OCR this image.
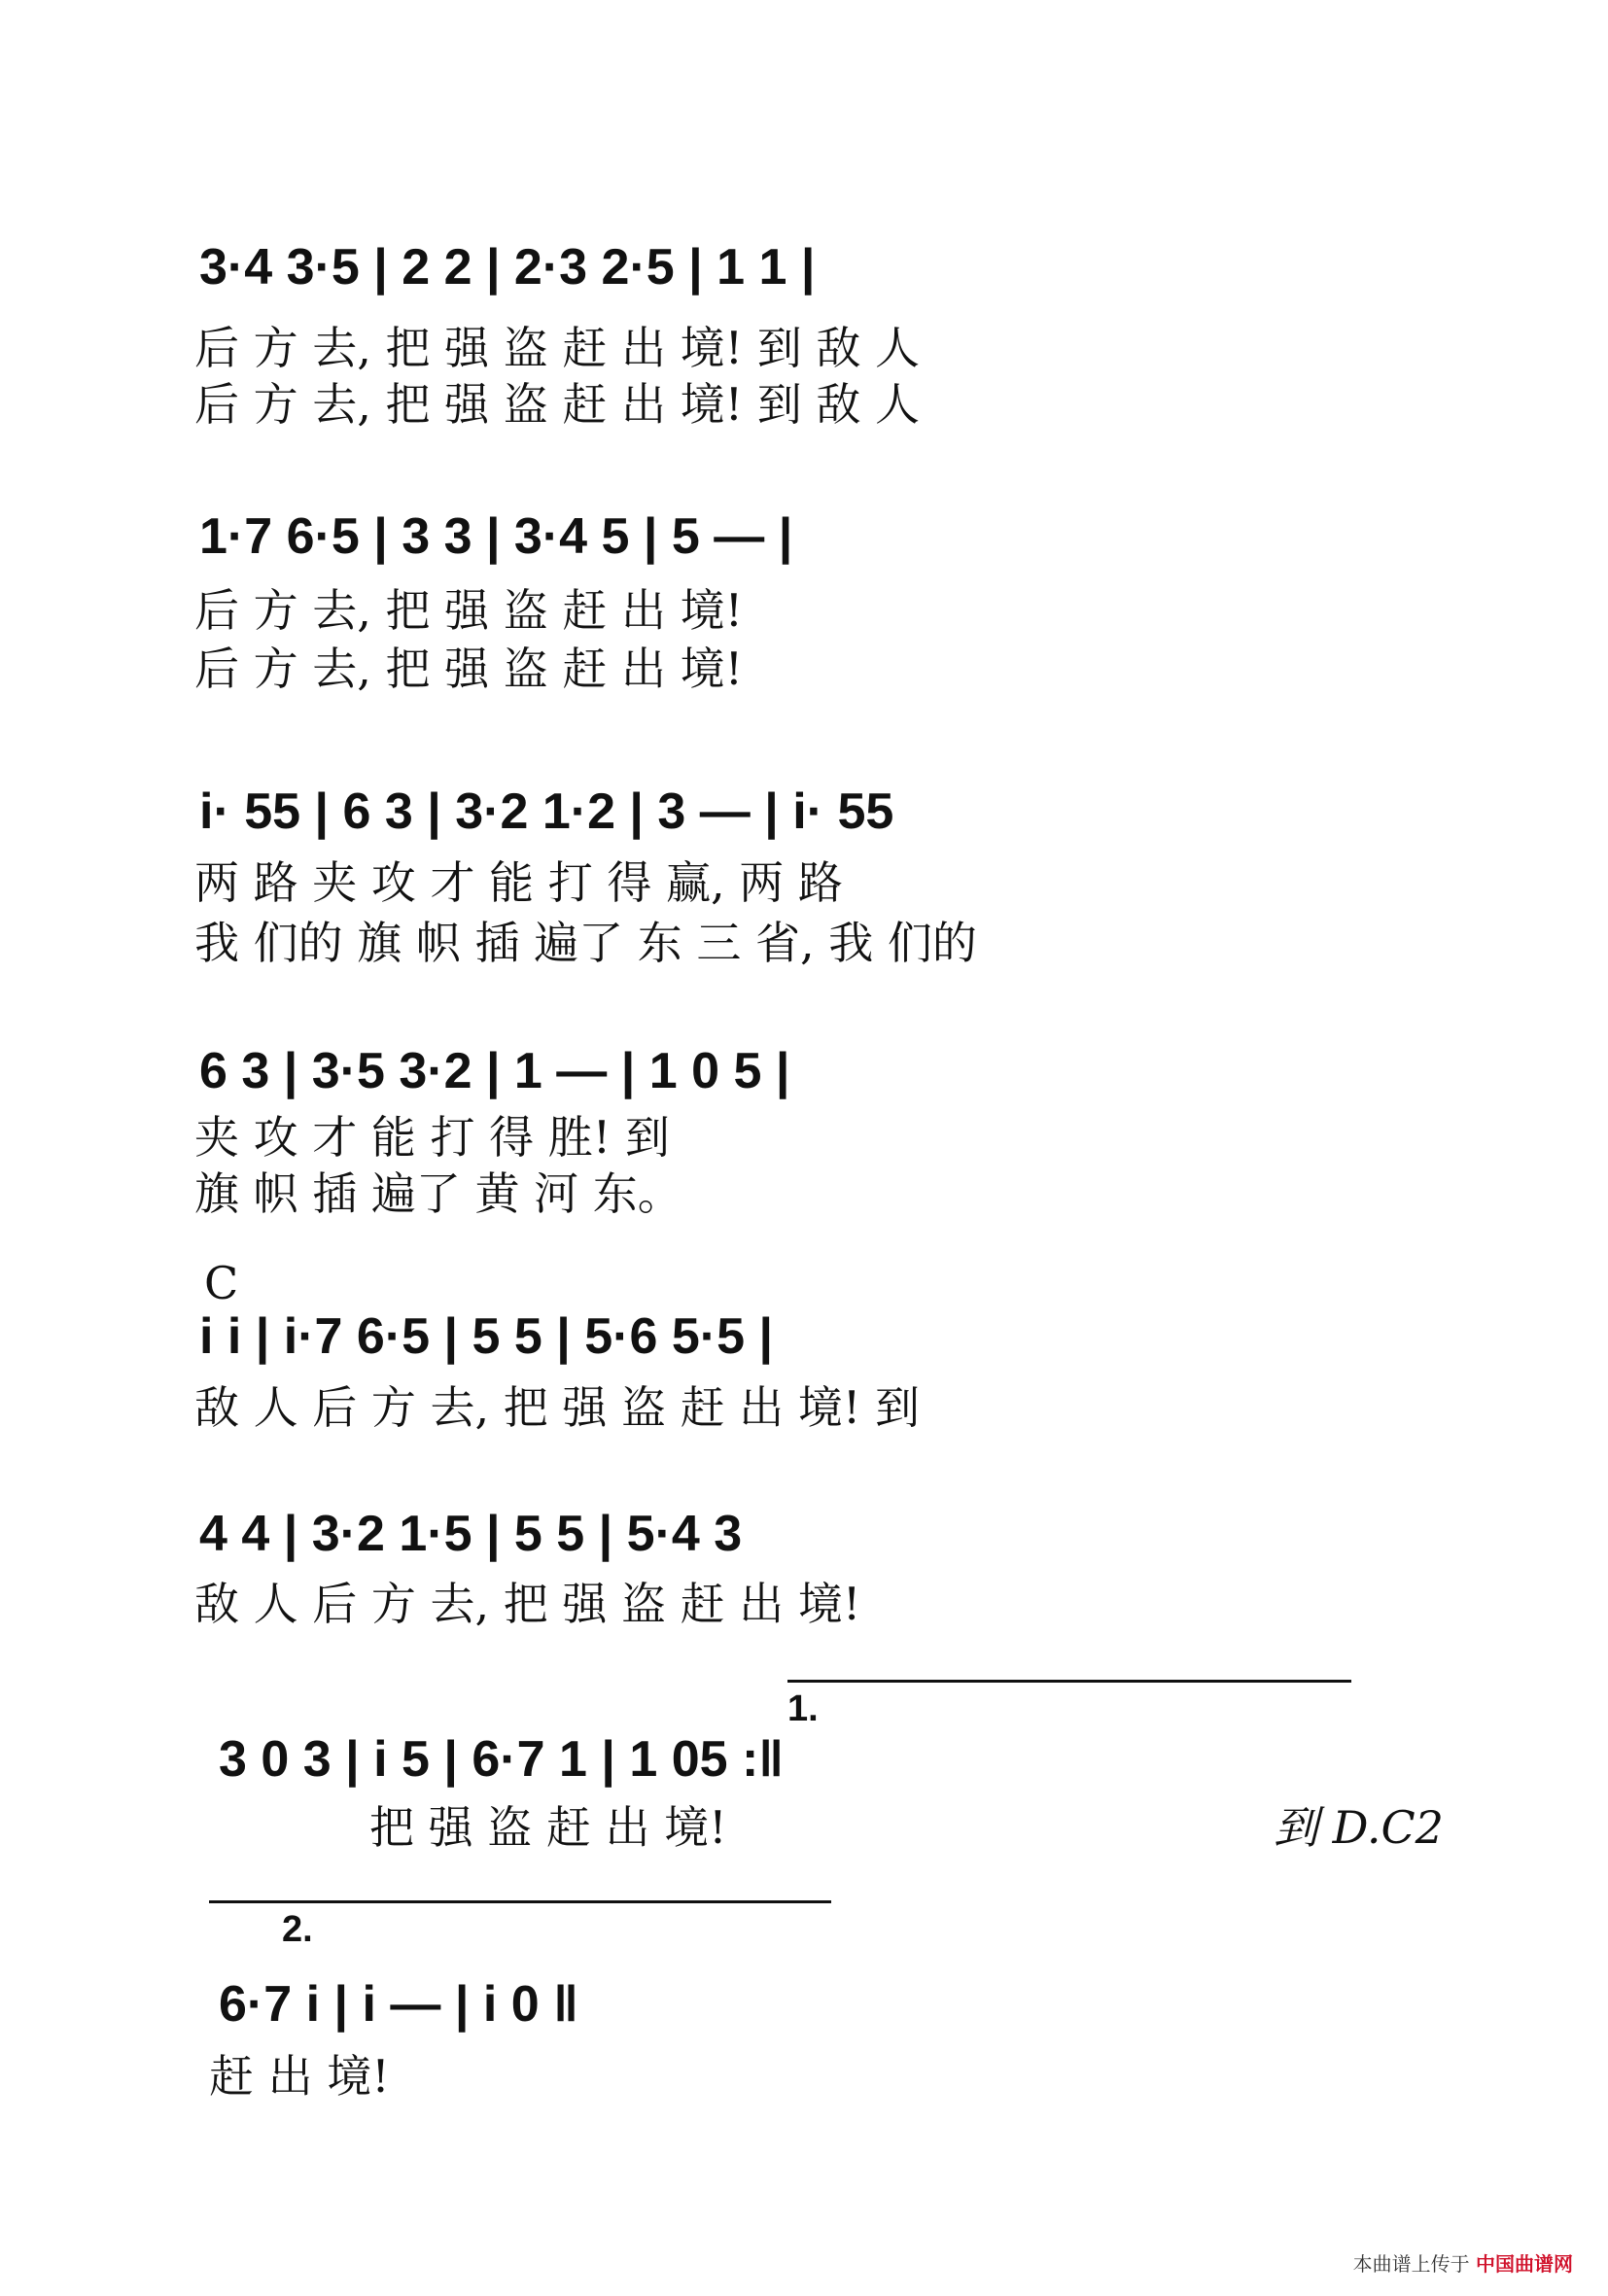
3·4 3·5 | 2 2 | 2·3 2·5 | 1 1 |
后 方 去, 把 强 盗 赶 出 境! 到 敌 人
后 方 去, 把 强 盗 赶 出 境! 到 敌 人
1·7 6·5 | 3 3 | 3·4 5 | 5 — |
后 方 去, 把 强 盗 赶 出 境!
后 方 去, 把 强 盗 赶 出 境!
i· 55 | 6 3 | 3·2 1·2 | 3 — | i· 55
两 路 夹 攻 才 能 打 得 赢, 两 路
我 们的 旗 帜 插 遍了 东 三 省, 我 们的
6 3 | 3·5 3·2 | 1 — | 1 0 5 |
夹 攻 才 能 打 得 胜! 到
旗 帜 插 遍了 黄 河 东。
C
i i | i·7 6·5 | 5 5 | 5·6 5·5 |
敌 人 后 方 去, 把 强 盗 赶 出 境! 到
4 4 | 3·2 1·5 | 5 5 | 5·4 3
敌 人 后 方 去, 把 强 盗 赶 出 境!
1.
3 0 3 | i 5 | 6·7 1 | 1 05 :‖
把 强 盗 赶 出 境!	到 D.C2
2.
6·7 i | i — | i 0 ‖
赶 出 境!
本曲谱上传于 中国曲谱网
